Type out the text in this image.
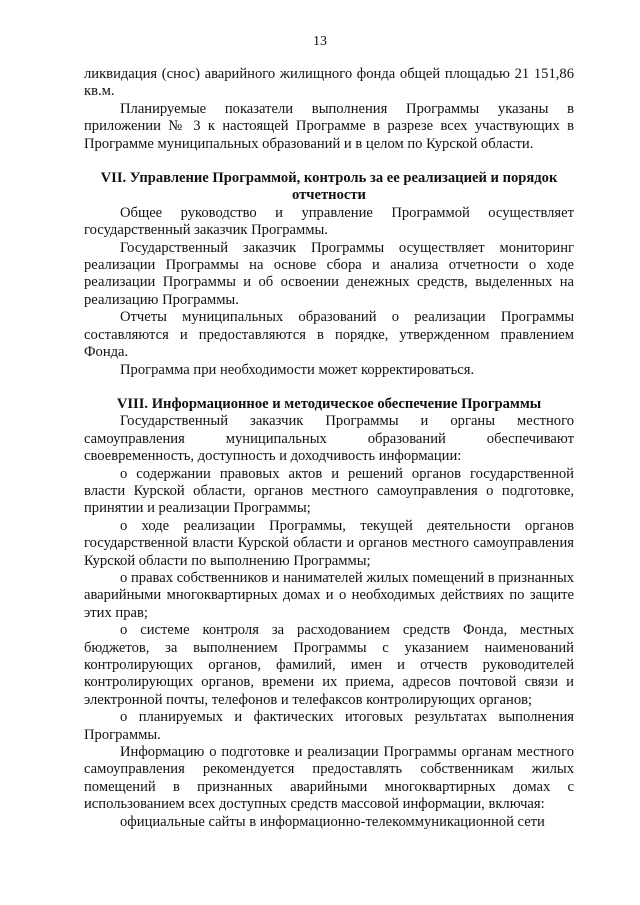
13

ликвидация (снос) аварийного жилищного фонда общей площадью 21 151,86 кв.м.

Планируемые показатели выполнения Программы указаны в приложении № 3 к настоящей Программе в разрезе всех участвующих в Программе муниципальных образований и в целом по Курской области.

VII. Управление Программой, контроль за ее реализацией и порядок отчетности

Общее руководство и управление Программой осуществляет государственный заказчик Программы.

Государственный заказчик Программы осуществляет мониторинг реализации Программы на основе сбора и анализа отчетности о ходе реализации Программы и об освоении денежных средств, выделенных на реализацию Программы.

Отчеты муниципальных образований о реализации Программы составляются и предоставляются в порядке, утвержденном правлением Фонда.

Программа при необходимости может корректироваться.

VIII. Информационное и методическое обеспечение Программы

Государственный заказчик Программы и органы местного самоуправления муниципальных образований обеспечивают своевременность, доступность и доходчивость информации:

о содержании правовых актов и решений органов государственной власти Курской области, органов местного самоуправления о подготовке, принятии и реализации Программы;

о ходе реализации Программы, текущей деятельности органов государственной власти Курской области и органов местного самоуправления Курской области по выполнению Программы;

о правах собственников и нанимателей жилых помещений в признанных аварийными многоквартирных домах и о необходимых действиях по защите этих прав;

о системе контроля за расходованием средств Фонда, местных бюджетов, за выполнением Программы с указанием наименований контролирующих органов, фамилий, имен и отчеств руководителей контролирующих органов, времени их приема, адресов почтовой связи и электронной почты, телефонов и телефаксов контролирующих органов;

о планируемых и фактических итоговых результатах выполнения Программы.

Информацию о подготовке и реализации Программы органам местного самоуправления рекомендуется предоставлять собственникам жилых помещений в признанных аварийными многоквартирных домах с использованием всех доступных средств массовой информации, включая:

официальные сайты в информационно-телекоммуникационной сети
